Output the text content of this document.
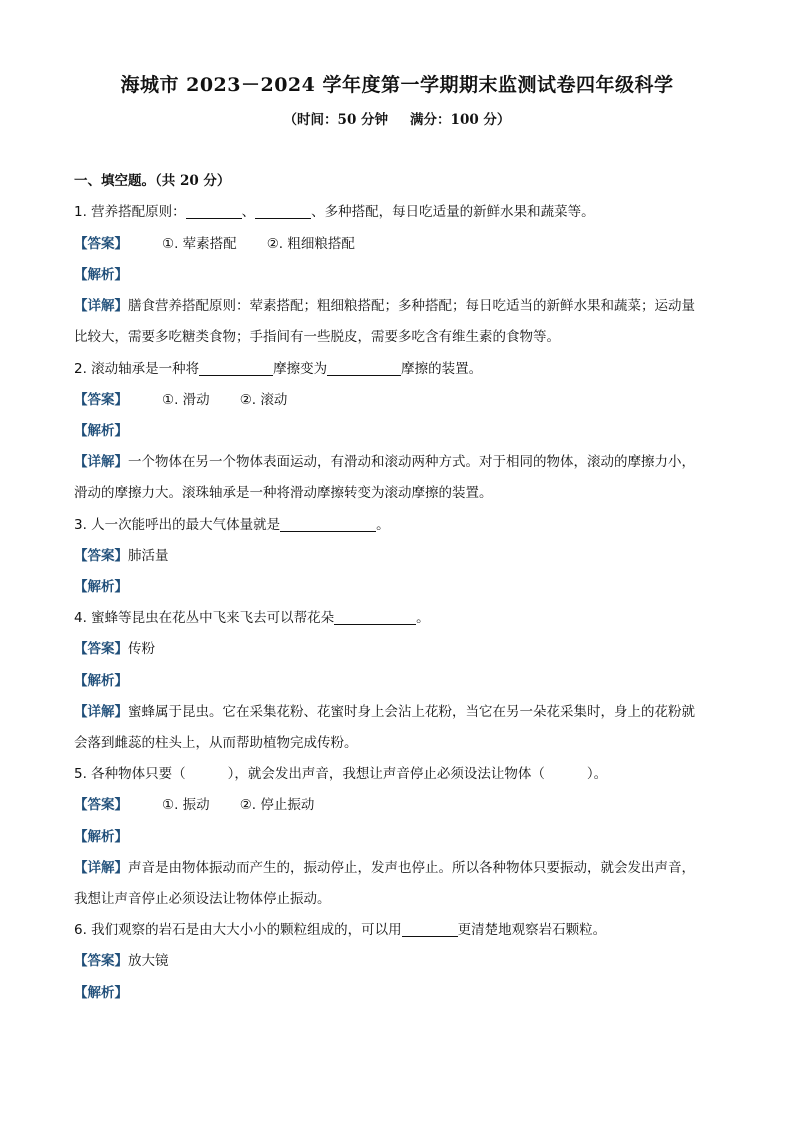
海城市 2023－2024 学年度第一学期期末监测试卷四年级科学
（时间：50 分钟 满分：100 分）
一、填空题。（共 20 分）
1. 营养搭配原则：	、	、多种搭配，每日吃适量的新鲜水果和蔬菜等。
【答案】	①. 荤素搭配 ②. 粗细粮搭配
【解析】
【详解】膳食营养搭配原则：荤素搭配；粗细粮搭配；多种搭配；每日吃适当的新鲜水果和蔬菜；运动量
比较大，需要多吃糖类食物；手指间有一些脱皮，需要多吃含有维生素的食物等。
2. 滚动轴承是一种将	摩擦变为	摩擦的装置。
【答案】	①. 滑动 ②. 滚动
【解析】
【详解】一个物体在另一个物体表面运动，有滑动和滚动两种方式。对于相同的物体，滚动的摩擦力小，
滑动的摩擦力大。滚珠轴承是一种将滑动摩擦转变为滚动摩擦的装置。
3. 人一次能呼出的最大气体量就是	。
【答案】肺活量
【解析】
4. 蜜蜂等昆虫在花丛中飞来飞去可以帮花朵	。
【答案】传粉
【解析】
【详解】蜜蜂属于昆虫。它在采集花粉、花蜜时身上会沾上花粉，当它在另一朵花采集时，身上的花粉就
会落到雌蕊的柱头上，从而帮助植物完成传粉。
5. 各种物体只要（	），就会发出声音，我想让声音停止必须设法让物体（	）。
【答案】	①. 振动 ②. 停止振动
【解析】
【详解】声音是由物体振动而产生的，振动停止，发声也停止。所以各种物体只要振动，就会发出声音，
我想让声音停止必须设法让物体停止振动。
6. 我们观察的岩石是由大大小小的颗粒组成的，可以用	更清楚地观察岩石颗粒。
【答案】放大镜
【解析】
